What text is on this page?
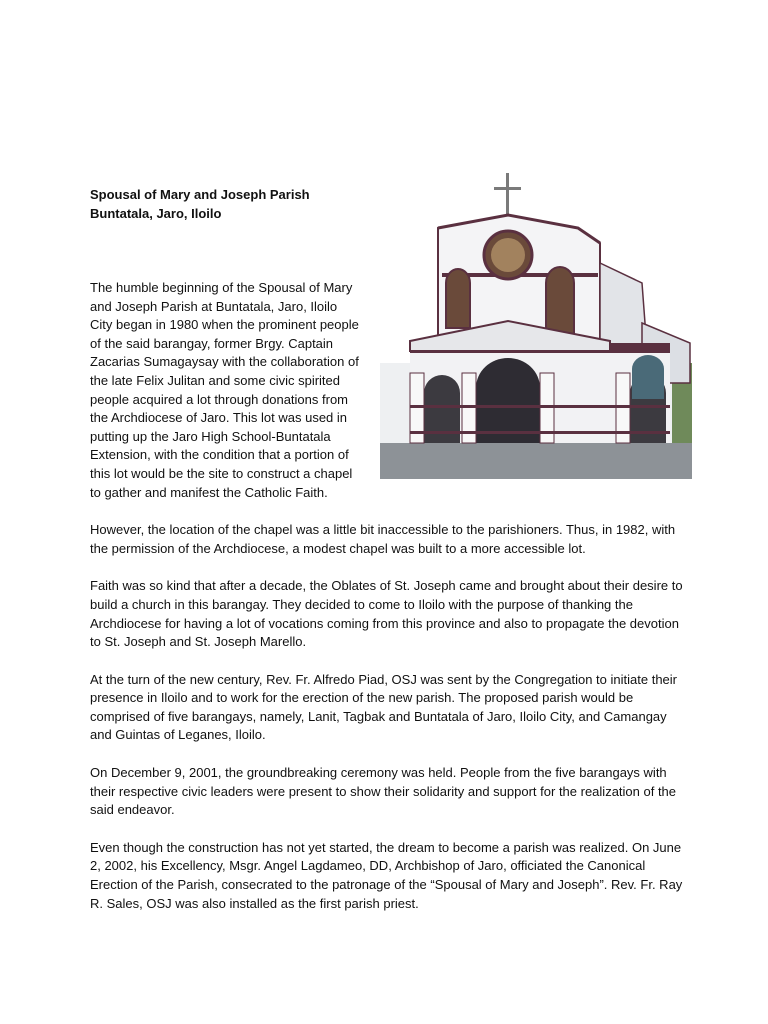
Spousal of Mary and Joseph Parish

Buntatala, Jaro, Iloilo

The humble beginning of the Spousal of Mary and Joseph Parish at Buntatala, Jaro, Iloilo City began in 1980 when the prominent people of the said barangay, former Brgy. Captain Zacarias Sumagaysay with the collaboration of the late Felix Julitan and some civic spirited people acquired a lot through donations from the Archdiocese of Jaro. This lot was used in putting up the Jaro High School-Buntatala Extension, with the condition that a portion of this lot would be the site to construct a chapel to gather and manifest the Catholic Faith.

However, the location of the chapel was a little bit inaccessible to the parishioners. Thus, in 1982, with the permission of the Archdiocese, a modest chapel was built to a more accessible lot.

Faith was so kind that after a decade, the Oblates of St. Joseph came and brought about their desire to build a church in this barangay. They decided to come to Iloilo with the purpose of thanking the Archdiocese for having a lot of vocations coming from this province and also to propagate the devotion to St. Joseph and St. Joseph Marello.

At the turn of the new century, Rev. Fr. Alfredo Piad, OSJ was sent by the Congregation to initiate their presence in Iloilo and to work for the erection of the new parish. The proposed parish would be comprised of five barangays, namely, Lanit, Tagbak and Buntatala of Jaro, Iloilo City, and Camangay and Guintas of Leganes, Iloilo.

On December 9, 2001, the groundbreaking ceremony was held. People from the five barangays with their respective civic leaders were present to show their solidarity and support for the realization of the said endeavor.

Even though the construction has not yet started, the dream to become a parish was realized. On June 2, 2002, his Excellency, Msgr. Angel Lagdameo, DD, Archbishop of Jaro, officiated the Canonical Erection of the Parish, consecrated to the patronage of the “Spousal of Mary and Joseph”. Rev. Fr. Ray R. Sales, OSJ was also installed as the first parish priest.
